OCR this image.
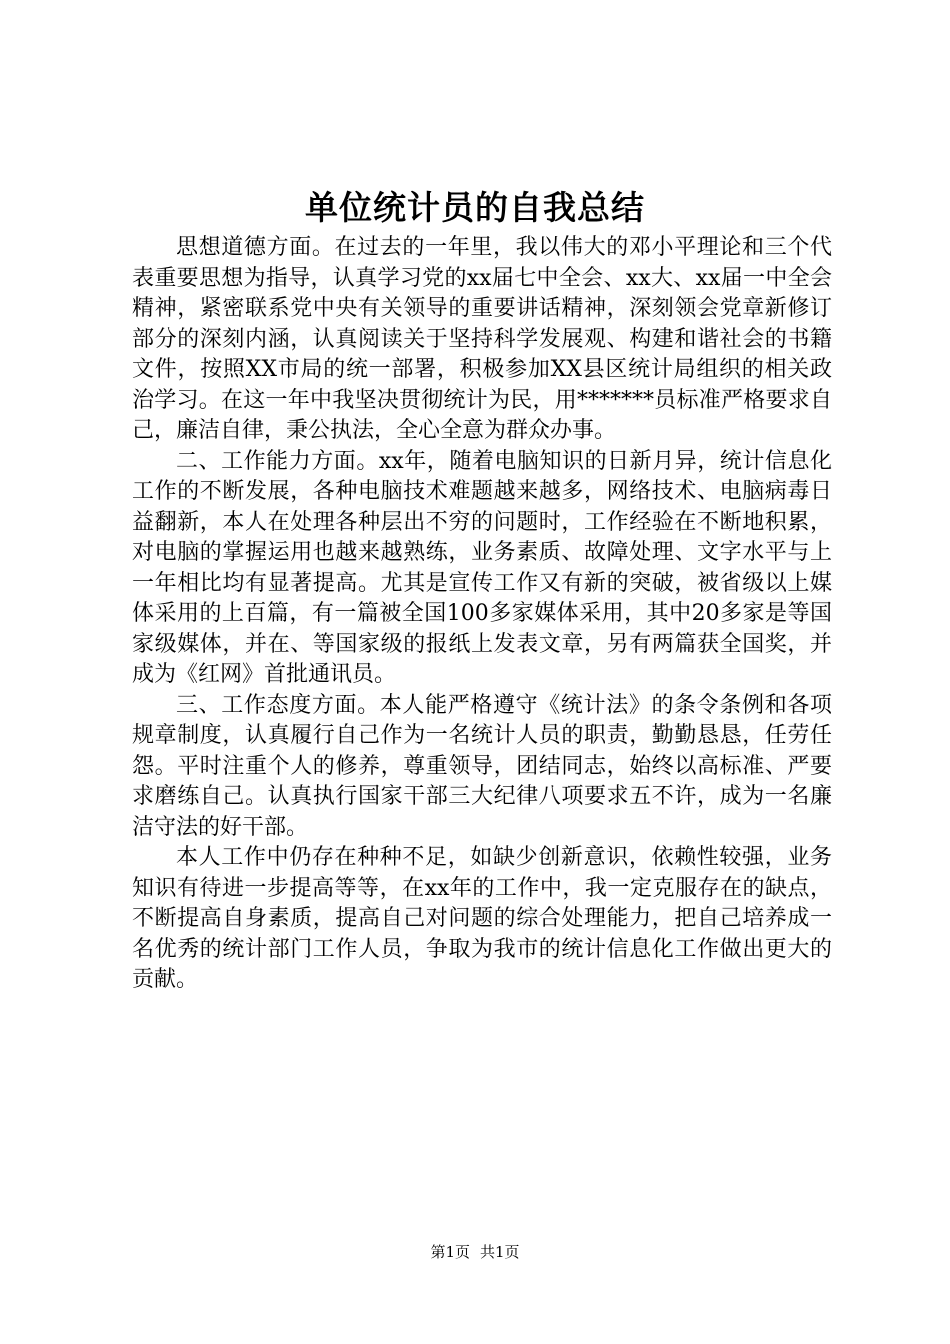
单位统计员的自我总结

思想道德方面。在过去的一年里，我以伟大的邓小平理论和三个代表重要思想为指导，认真学习党的xx届七中全会、xx大、xx届一中全会精神，紧密联系党中央有关领导的重要讲话精神，深刻领会党章新修订部分的深刻内涵，认真阅读关于坚持科学发展观、构建和谐社会的书籍文件，按照XX市局的统一部署，积极参加XX县区统计局组织的相关政治学习。在这一年中我坚决贯彻统计为民，用*******员标准严格要求自己，廉洁自律，秉公执法，全心全意为群众办事。

二、工作能力方面。xx年，随着电脑知识的日新月异，统计信息化工作的不断发展，各种电脑技术难题越来越多，网络技术、电脑病毒日益翻新，本人在处理各种层出不穷的问题时，工作经验在不断地积累，对电脑的掌握运用也越来越熟练，业务素质、故障处理、文字水平与上一年相比均有显著提高。尤其是宣传工作又有新的突破，被省级以上媒体采用的上百篇，有一篇被全国100多家媒体采用，其中20多家是等国家级媒体，并在、等国家级的报纸上发表文章，另有两篇获全国奖，并成为《红网》首批通讯员。

三、工作态度方面。本人能严格遵守《统计法》的条令条例和各项规章制度，认真履行自己作为一名统计人员的职责，勤勤恳恳，任劳任怨。平时注重个人的修养，尊重领导，团结同志，始终以高标准、严要求磨练自己。认真执行国家干部三大纪律八项要求五不许，成为一名廉洁守法的好干部。

本人工作中仍存在种种不足，如缺少创新意识，依赖性较强，业务知识有待进一步提高等等，在xx年的工作中，我一定克服存在的缺点，不断提高自身素质，提高自己对问题的综合处理能力，把自己培养成一名优秀的统计部门工作人员，争取为我市的统计信息化工作做出更大的贡献。

第1页 共1页
